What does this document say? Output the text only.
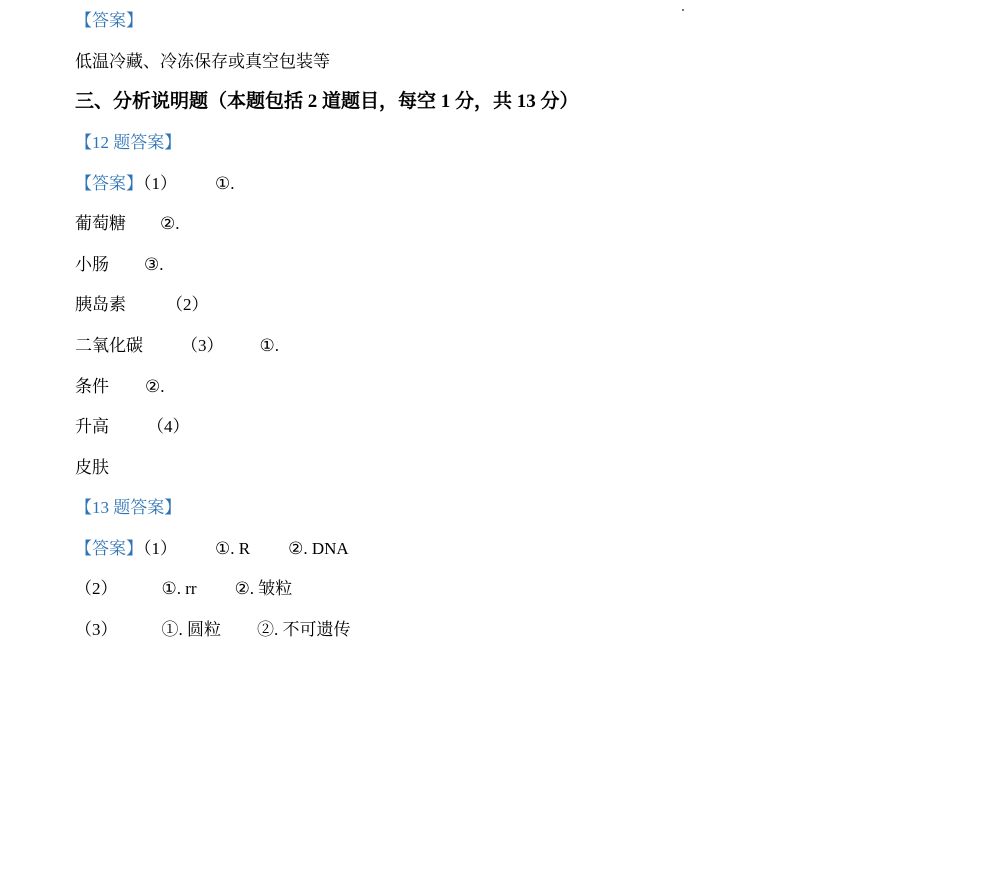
【答案】
低温冷藏、冷冻保存或真空包装等
三、分析说明题（本题包括 2 道题目，每空 1 分，共 13 分）
【12 题答案】
【答案】（1） ①.
葡萄糖 ②.
小肠 ③.
胰岛素 （2）
二氧化碳 （3） ①.
条件 ②.
升高 （4）
皮肤
【13 题答案】
【答案】（1） ①. R ②. DNA
（2）	①. rr ②. 皱粒
（3）	①. 圆粒 ②. 不可遗传
